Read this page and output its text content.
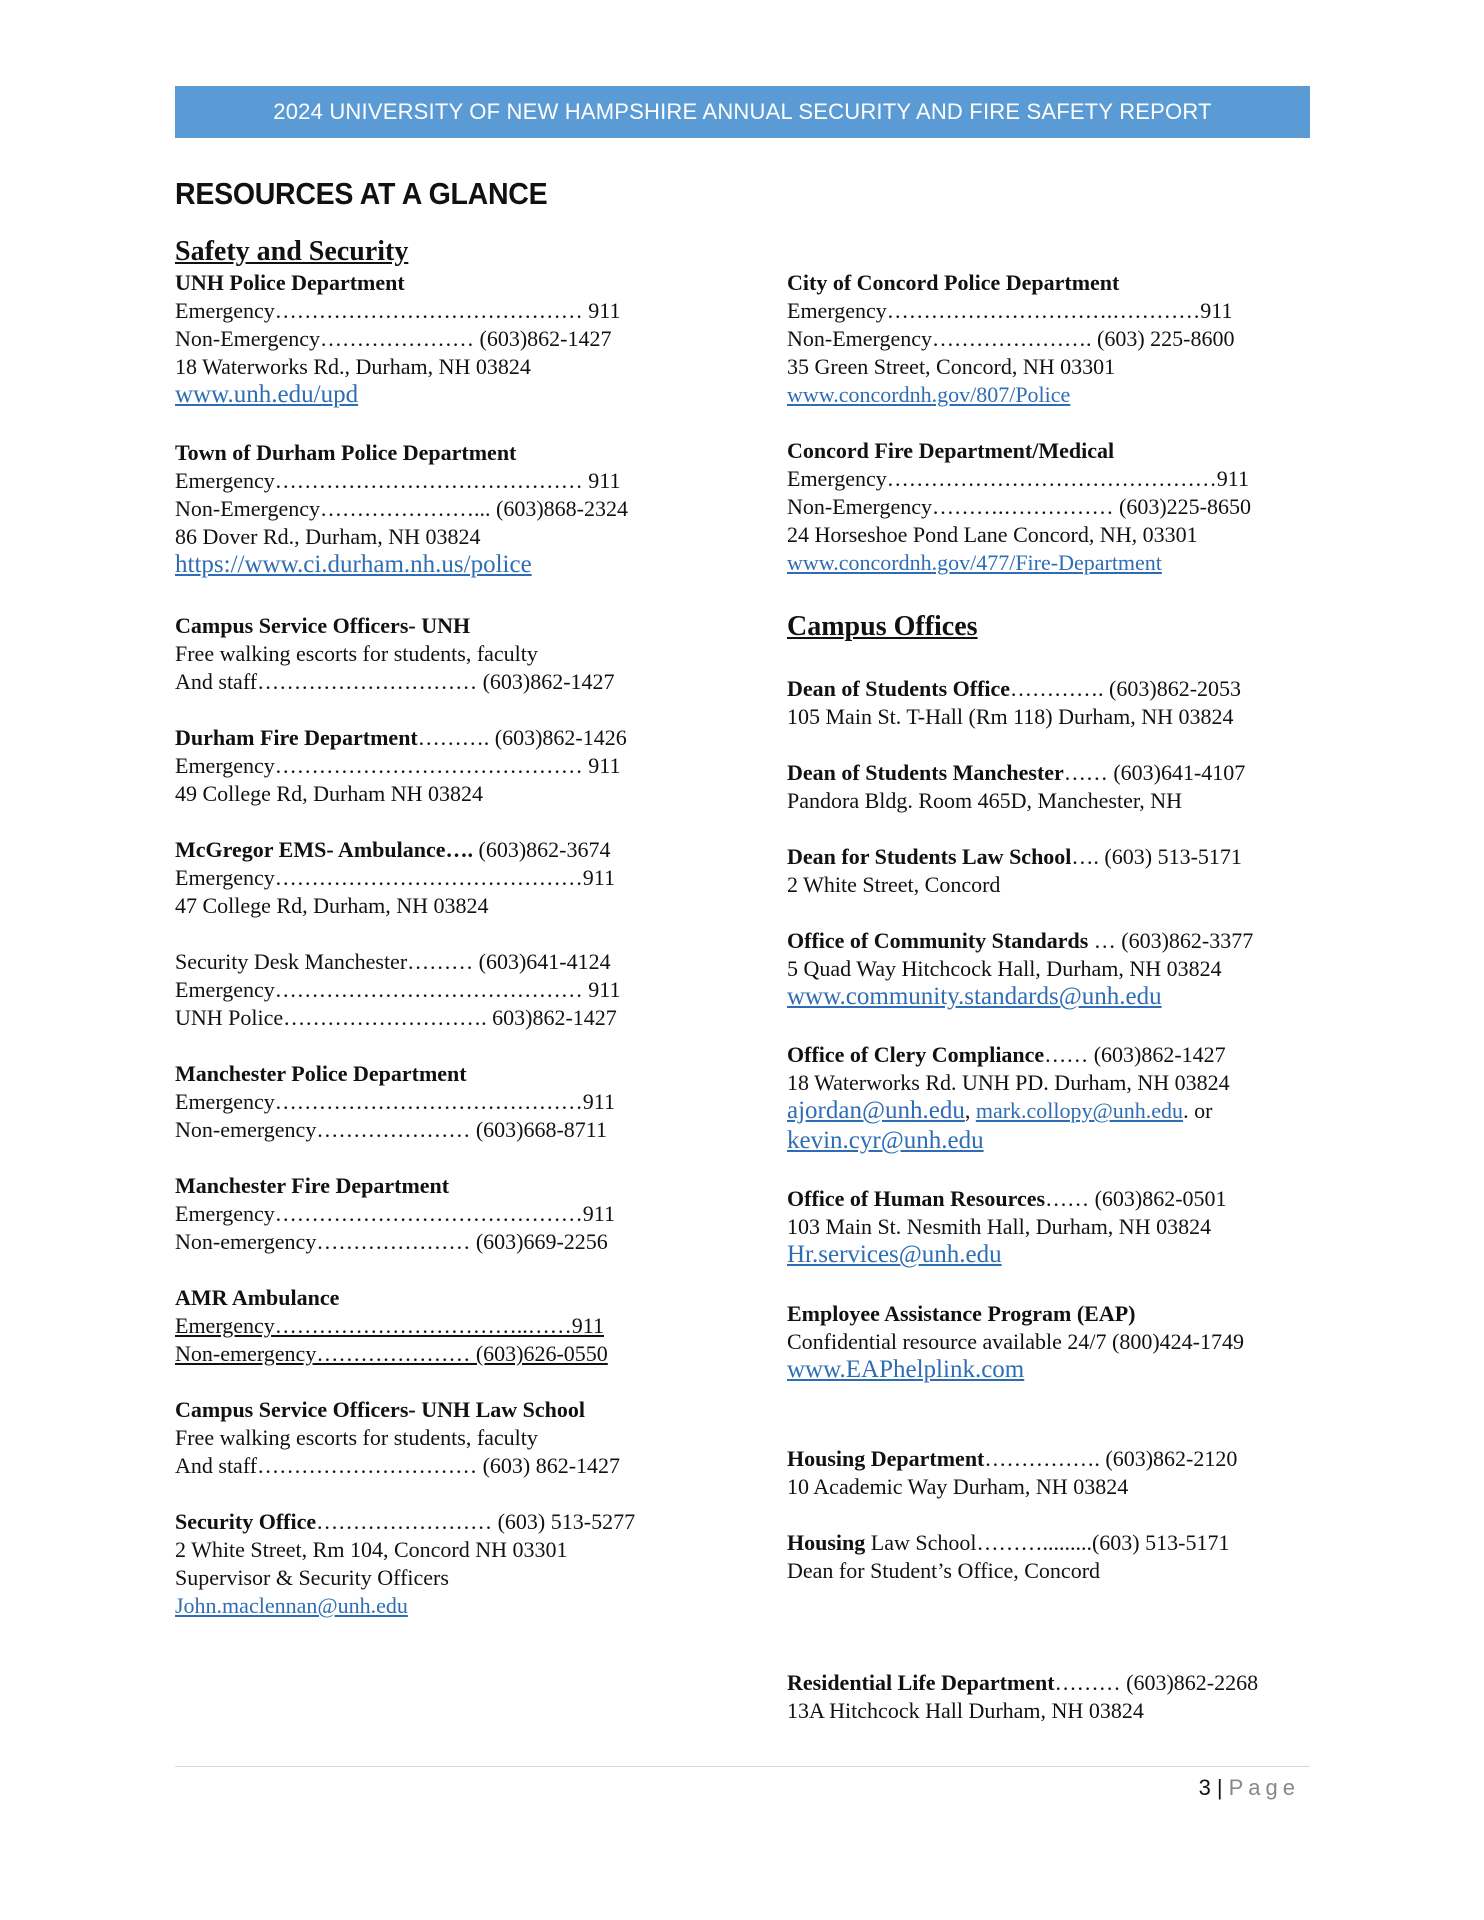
2024 UNIVERSITY OF NEW HAMPSHIRE ANNUAL SECURITY AND FIRE SAFETY REPORT
RESOURCES AT A GLANCE
Safety and Security
UNH Police Department
Emergency…………………………………… 911
Non-Emergency………………… (603)862-1427
18 Waterworks Rd., Durham, NH 03824
www.unh.edu/upd
Town of Durham Police Department
Emergency…………………………………… 911
Non-Emergency…………………... (603)868-2324
86 Dover Rd., Durham, NH 03824
https://www.ci.durham.nh.us/police
Campus Service Officers- UNH
Free walking escorts for students, faculty
And staff………………………… (603)862-1427
Durham Fire Department………. (603)862-1426
Emergency…………………………………… 911
49 College Rd, Durham NH 03824
McGregor EMS- Ambulance…. (603)862-3674
Emergency……………………………………911
47 College Rd, Durham, NH 03824
Security Desk Manchester……… (603)641-4124
Emergency…………………………………… 911
UNH Police………………………. 603)862-1427
Manchester Police Department
Emergency……………………………………911
Non-emergency………………… (603)668-8711
Manchester Fire Department
Emergency……………………………………911
Non-emergency………………… (603)669-2256
AMR Ambulance
Emergency……………………………..……911
Non-emergency………………… (603)626-0550
Campus Service Officers- UNH Law School
Free walking escorts for students, faculty
And staff………………………… (603) 862-1427
Security Office…………………… (603) 513-5277
2 White Street, Rm 104, Concord NH 03301
Supervisor & Security Officers
John.maclennan@unh.edu
City of Concord Police Department
Emergency………………………….…………911
Non-Emergency…………………. (603) 225-8600
35 Green Street, Concord, NH 03301
www.concordnh.gov/807/Police
Concord Fire Department/Medical
Emergency………………………………………911
Non-Emergency……….…………… (603)225-8650
24 Horseshoe Pond Lane Concord, NH, 03301
www.concordnh.gov/477/Fire-Department
Campus Offices
Dean of Students Office…………. (603)862-2053
105 Main St. T-Hall (Rm 118) Durham, NH 03824
Dean of Students Manchester…… (603)641-4107
Pandora Bldg. Room 465D, Manchester, NH
Dean for Students Law School…. (603) 513-5171
2 White Street, Concord
Office of Community Standards … (603)862-3377
5 Quad Way Hitchcock Hall, Durham, NH 03824
www.community.standards@unh.edu
Office of Clery Compliance…… (603)862-1427
18 Waterworks Rd. UNH PD. Durham, NH 03824
ajordan@unh.edu, mark.collopy@unh.edu. or
kevin.cyr@unh.edu
Office of Human Resources…… (603)862-0501
103 Main St. Nesmith Hall, Durham, NH 03824
Hr.services@unh.edu
Employee Assistance Program (EAP)
Confidential resource available 24/7 (800)424-1749
www.EAPhelplink.com
Housing Department……………. (603)862-2120
10 Academic Way Durham, NH 03824
Housing Law School……….........(603) 513-5171
Dean for Student’s Office, Concord
Residential Life Department……… (603)862-2268
13A Hitchcock Hall Durham, NH 03824
3 | Page
